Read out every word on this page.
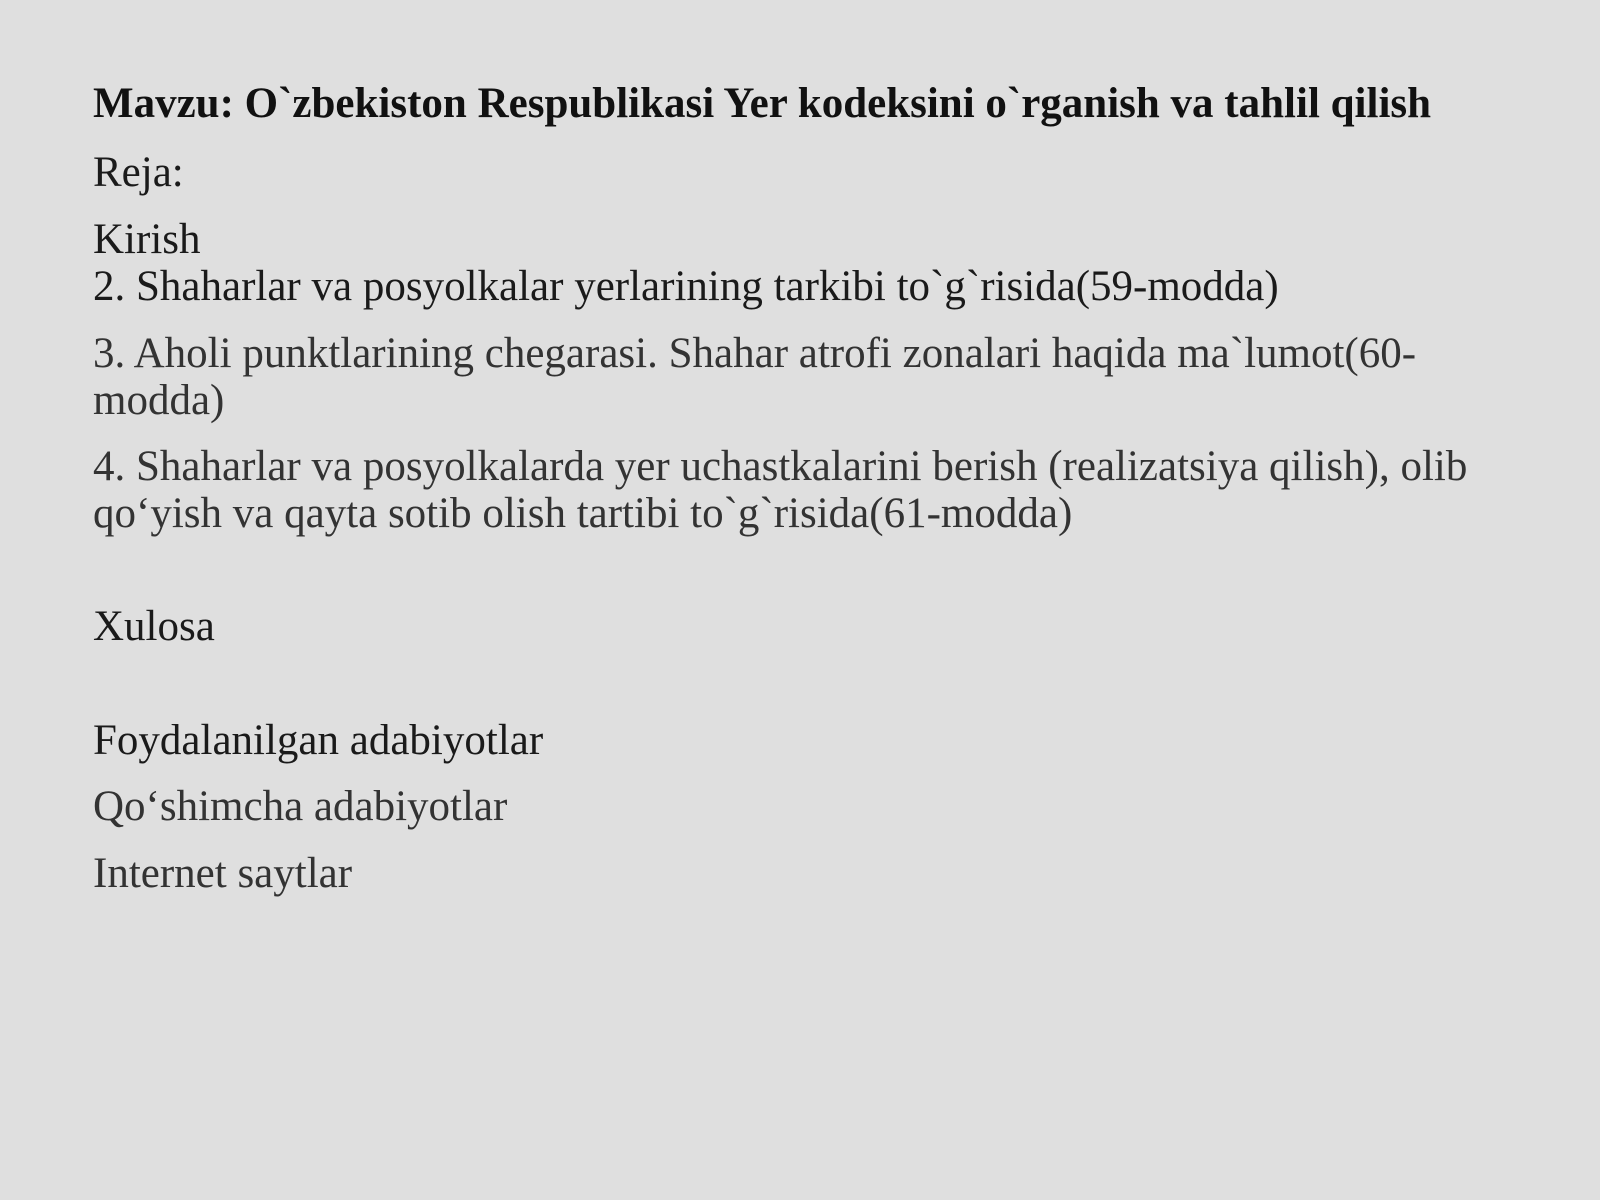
Mavzu: O`zbekiston Respublikasi Yer kodeksini o`rganish va tahlil qilish
Reja:
Kirish
2. Shaharlar va posyolkalar yerlarining tarkibi to`g`risida(59-modda)
3. Aholi punktlarining chegarasi. Shahar atrofi zonalari haqida ma`lumot(60-modda)
4. Shaharlar va posyolkalarda yer uchastkalarini berish (realizatsiya qilish), olib qo‘yish va qayta sotib olish tartibi to`g`risida(61-modda)
Xulosa
Foydalanilgan adabiyotlar
Qo‘shimcha adabiyotlar
Internet saytlar
